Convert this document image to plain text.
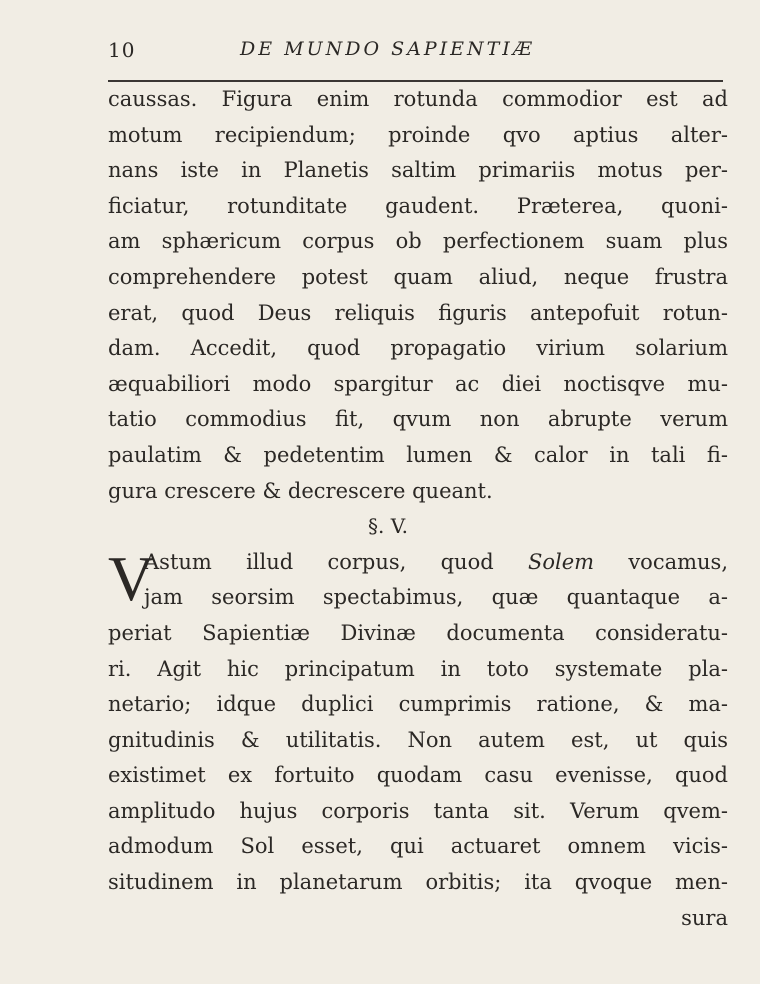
10	DE MUNDO SAPIENTIÆ
caussas. Figura enim rotunda commodior est ad
motum recipiendum; proinde qvo aptius alter-
nans iste in Planetis saltim primariis motus per-
ficiatur, rotunditate gaudent. Præterea, quoni-
am sphæricum corpus ob perfectionem suam plus
comprehendere potest quam aliud, neque frustra
erat, quod Deus reliquis figuris antepofuit rotun-
dam. Accedit, quod propagatio virium solarium
æquabiliori modo spargitur ac diei noctisqve mu-
tatio commodius fit, qvum non abrupte verum
paulatim & pedetentim lumen & calor in tali fi-
gura crescere & decrescere queant.
§. V.
V
Astum illud corpus, quod Solem vocamus,
jam seorsim spectabimus, quæ quantaque a-
periat Sapientiæ Divinæ documenta consideratu-
ri. Agit hic principatum in toto systemate pla-
netario; idque duplici cumprimis ratione, & ma-
gnitudinis & utilitatis. Non autem est, ut quis
existimet ex fortuito quodam casu evenisse, quod
amplitudo hujus corporis tanta sit. Verum qvem-
admodum Sol esset, qui actuaret omnem vicis-
situdinem in planetarum orbitis; ita qvoque men-
sura
